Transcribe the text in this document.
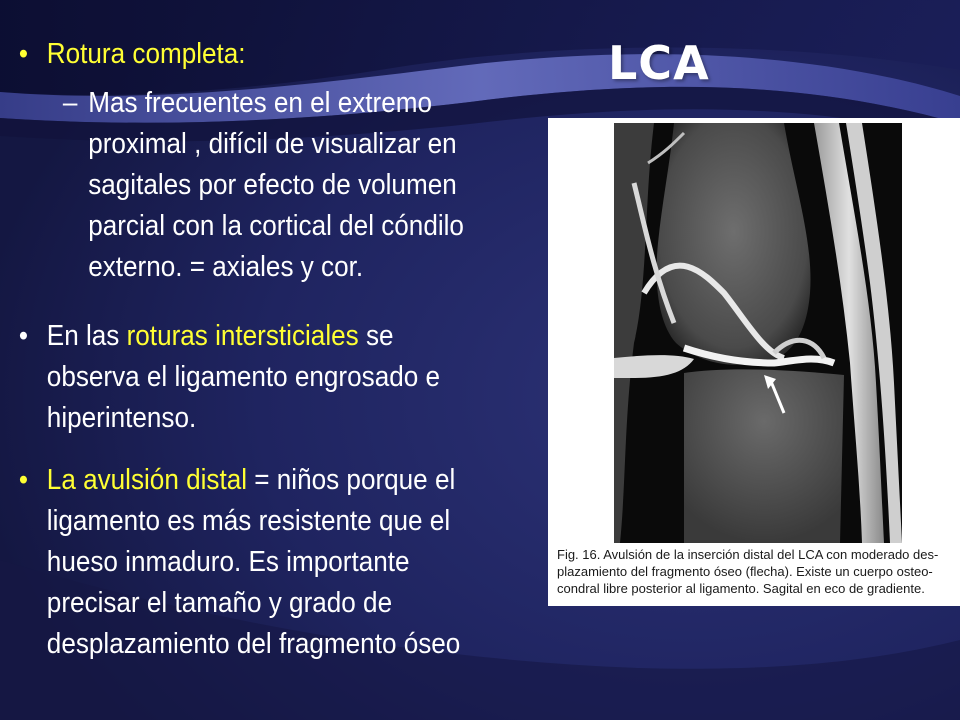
LCA
• Rotura completa:
– Mas frecuentes en el extremo
proximal , difícil de visualizar en
sagitales por efecto de volumen
parcial con la cortical del cóndilo
externo. = axiales y cor.
• En las roturas intersticiales se
observa el ligamento engrosado e
hiperintenso.
• La avulsión distal = niños porque el
ligamento es más resistente que el
hueso inmaduro. Es importante
precisar el tamaño y grado de
desplazamiento del fragmento óseo
Fig. 16. Avulsión de la inserción distal del LCA con moderado des-
plazamiento del fragmento óseo (flecha). Existe un cuerpo osteo-
condral libre posterior al ligamento. Sagital en eco de gradiente.
